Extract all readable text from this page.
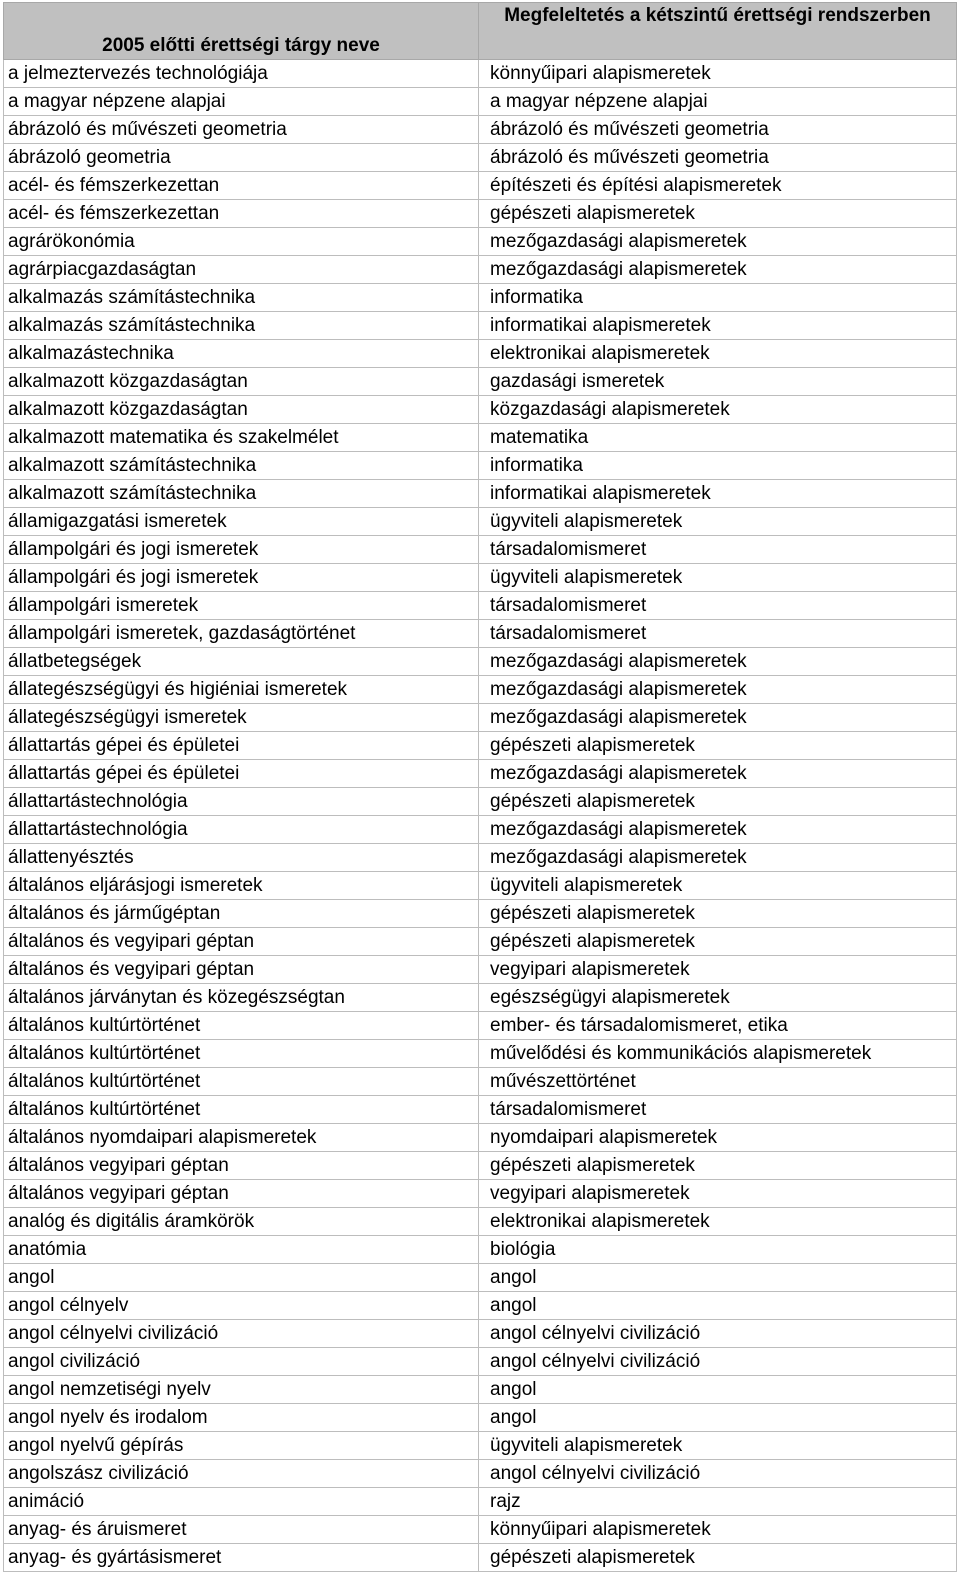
2005 előtti érettségi tárgy neve	Megfeleltetés a kétszintű érettségi rendszerben
a jelmeztervezés technológiája	könnyűipari alapismeretek
a magyar népzene alapjai	a magyar népzene alapjai
ábrázoló és művészeti geometria	ábrázoló és művészeti geometria
ábrázoló geometria	ábrázoló és művészeti geometria
acél- és fémszerkezettan	építészeti és építési alapismeretek
acél- és fémszerkezettan	gépészeti alapismeretek
agrárökonómia	mezőgazdasági alapismeretek
agrárpiacgazdaságtan	mezőgazdasági alapismeretek
alkalmazás számítástechnika	informatika
alkalmazás számítástechnika	informatikai alapismeretek
alkalmazástechnika	elektronikai alapismeretek
alkalmazott közgazdaságtan	gazdasági ismeretek
alkalmazott közgazdaságtan	közgazdasági alapismeretek
alkalmazott matematika és szakelmélet	matematika
alkalmazott számítástechnika	informatika
alkalmazott számítástechnika	informatikai alapismeretek
államigazgatási ismeretek	ügyviteli alapismeretek
állampolgári és jogi ismeretek	társadalomismeret
állampolgári és jogi ismeretek	ügyviteli alapismeretek
állampolgári ismeretek	társadalomismeret
állampolgári ismeretek, gazdaságtörténet	társadalomismeret
állatbetegségek	mezőgazdasági alapismeretek
állategészségügyi és higiéniai ismeretek	mezőgazdasági alapismeretek
állategészségügyi ismeretek	mezőgazdasági alapismeretek
állattartás gépei és épületei	gépészeti alapismeretek
állattartás gépei és épületei	mezőgazdasági alapismeretek
állattartástechnológia	gépészeti alapismeretek
állattartástechnológia	mezőgazdasági alapismeretek
állattenyésztés	mezőgazdasági alapismeretek
általános eljárásjogi ismeretek	ügyviteli alapismeretek
általános és járműgéptan	gépészeti alapismeretek
általános és vegyipari géptan	gépészeti alapismeretek
általános és vegyipari géptan	vegyipari alapismeretek
általános járványtan és közegészségtan	egészségügyi alapismeretek
általános kultúrtörténet	ember- és társadalomismeret, etika
általános kultúrtörténet	művelődési és kommunikációs alapismeretek
általános kultúrtörténet	művészettörténet
általános kultúrtörténet	társadalomismeret
általános nyomdaipari alapismeretek	nyomdaipari alapismeretek
általános vegyipari géptan	gépészeti alapismeretek
általános vegyipari géptan	vegyipari alapismeretek
analóg és digitális áramkörök	elektronikai alapismeretek
anatómia	biológia
angol	angol
angol célnyelv	angol
angol célnyelvi civilizáció	angol célnyelvi civilizáció
angol civilizáció	angol célnyelvi civilizáció
angol nemzetiségi nyelv	angol
angol nyelv és irodalom	angol
angol nyelvű gépírás	ügyviteli alapismeretek
angolszász civilizáció	angol célnyelvi civilizáció
animáció	rajz
anyag- és áruismeret	könnyűipari alapismeretek
anyag- és gyártásismeret	gépészeti alapismeretek
